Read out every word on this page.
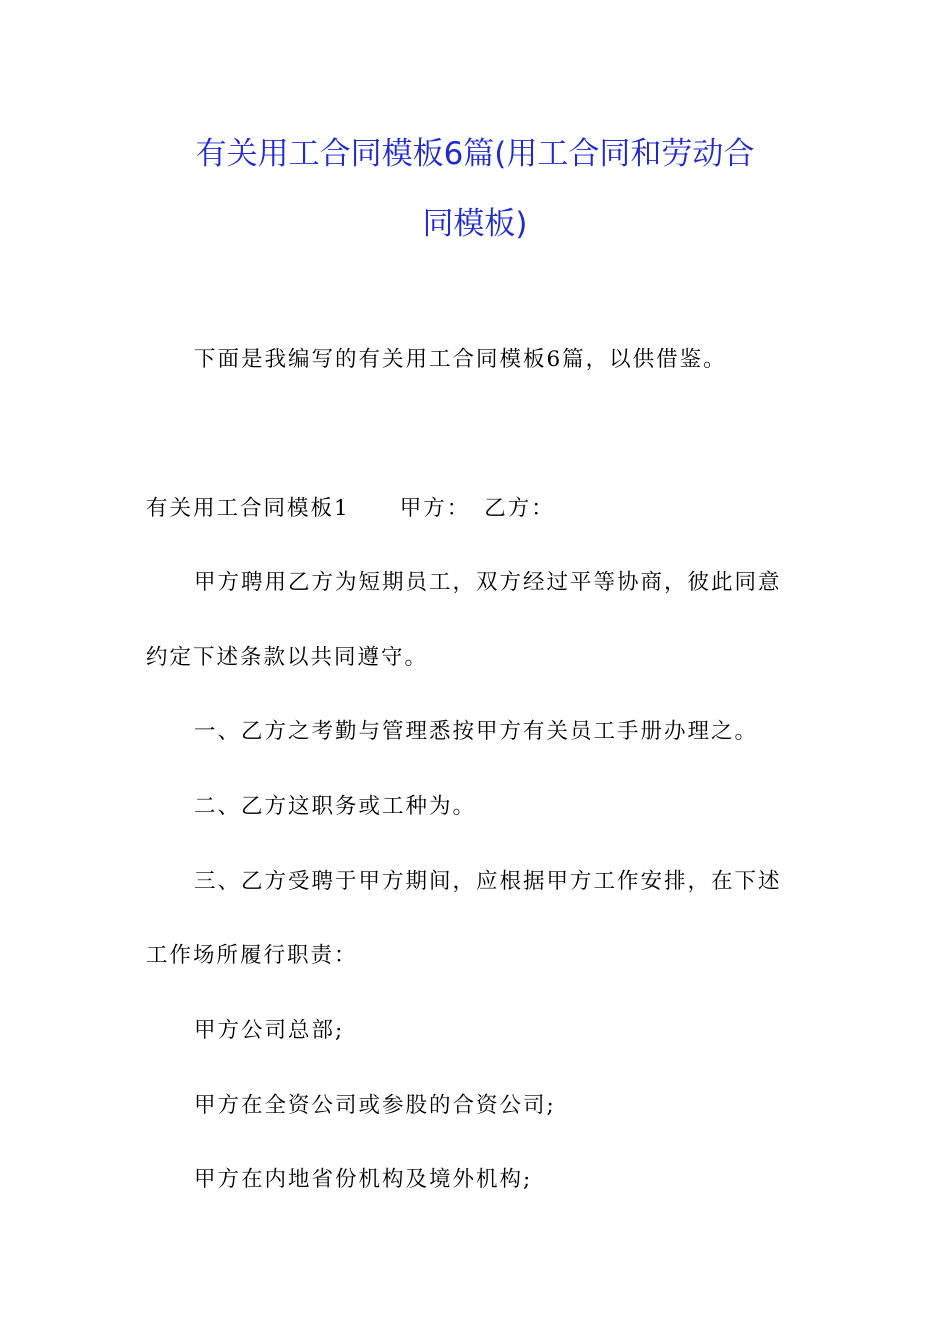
有关用工合同模板6篇(用工合同和劳动合
同模板)
下面是我编写的有关用工合同模板6篇，以供借鉴。
有关用工合同模板1 甲方： 乙方：
甲方聘用乙方为短期员工，双方经过平等协商，彼此同意
约定下述条款以共同遵守。
一、乙方之考勤与管理悉按甲方有关员工手册办理之。
二、乙方这职务或工种为。
三、乙方受聘于甲方期间，应根据甲方工作安排，在下述
工作场所履行职责：
甲方公司总部;
甲方在全资公司或参股的合资公司;
甲方在内地省份机构及境外机构;
